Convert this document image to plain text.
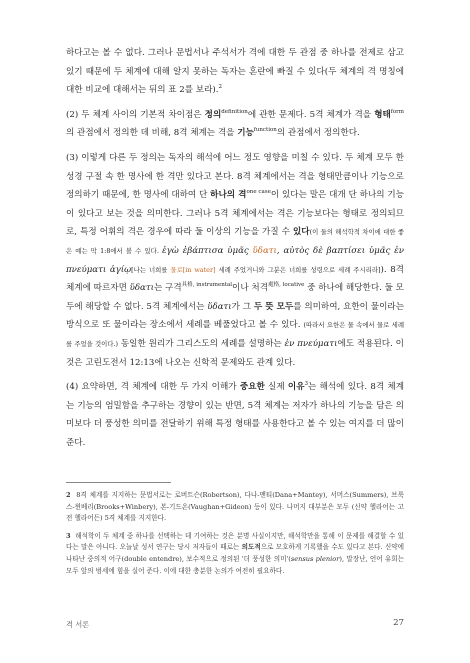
하다고는 볼 수 없다. 그러나 문법서나 주석서가 격에 대한 두 관점 중 하나를 전제로 삼고 있기 때문에 두 체계에 대해 알지 못하는 독자는 혼란에 빠질 수 있다(두 체계의 격 명칭에 대한 비교에 대해서는 뒤의 표 2를 보라).$^2$

(2) 두 체계 사이의 기본적 차이점은 정의$^{definition}$에 관한 문제다. 5격 체계가 격을 형태$^{form}$의 관점에서 정의한 데 비해, 8격 체계는 격을 기능$^{function}$의 관점에서 정의한다.

(3) 이렇게 다른 두 정의는 독자의 해석에 어느 정도 영향을 미칠 수 있다. 두 체계 모두 한 성경 구절 속 한 명사에 한 격만 있다고 본다. 8격 체계에서는 격을 형태만큼이나 기능으로 정의하기 때문에, 한 명사에 대하여 단 하나의 격$^{one case}$이 있다는 말은 대개 단 하나의 기능이 있다고 보는 것을 의미한다. 그러나 5격 체계에서는 격은 기능보다는 형태로 정의되므로, 특정 어휘의 격은 경우에 따라 둘 이상의 기능을 가질 수 있다(이 둘의 해석학적 차이에 대한 좋은 예는 막 1:8에서 볼 수 있다. ἐγὼ ἐβάπτισα ὑμᾶς ὕδατι, αὐτὸς δὲ βαπτίσει ὑμᾶς ἐν πνεύματι ἁγίῳ[나는 너희를 물로[in water] 세례 주었거니와 그분은 너희를 성령으로 세례 주시리라]). 8격 체계에 따르자면 ὕδατι는 구격$^{具格, instrumental}$이나 처격$^{處格, locative}$ 중 하나에 해당한다. 둘 모두에 해당할 수 없다. 5격 체계에서는 ὕδατι가 그 두 뜻 모두를 의미하여, 요한이 물이라는 방식으로 또 물이라는 장소에서 세례를 베풀었다고 볼 수 있다. (따라서 요한은 물 속에서 물로 세례를 주었을 것이다.) 동일한 원리가 그리스도의 세례를 설명하는 ἐν πνεύματι에도 적용된다. 이것은 고린도전서 12:13에 나오는 신학적 문제와도 관계 있다.

(4) 요약하면, 격 체계에 대한 두 가지 이해가 중요한 실제 이유$^3$는 해석에 있다. 8격 체계는 기능의 엄밀함을 추구하는 경향이 있는 반면, 5격 체계는 저자가 하나의 기능을 담은 의미보다 더 풍성한 의미를 전달하기 위해 특정 형태를 사용한다고 볼 수 있는 여지를 더 많이 준다.

2 8격 체계를 지지하는 문법서로는 로버트슨(Robertson), 다나-맨티(Dana+Mantey), 서머스(Summers), 브룩스-윈베리(Brooks+Winbery), 본-기드온(Vaughan+Gideon) 등이 있다. 나머지 대부분은 모두 (신약 헬라어는 고전 헬라어든) 5격 체계를 지지한다.

3 해석학이 두 체계 중 하나를 선택하는 데 기여하는 것은 분명 사실이지만, 해석학만을 통해 이 문제를 해결할 수 있다는 말은 아니다. 오늘날 성서 연구는 당시 저자들이 때로는 의도적으로 모호하게 기록했을 수도 있다고 본다. 신약에 나타난 중의적 어구(double entendre), 보수적으로 정의된 '더 풍성한 의미'(sensus plenior), 말장난, 언어 유희는 모두 앞의 범세에 힘을 실어 준다. 이에 대한 충분한 논의가 여전히 필요하다.

격 서론	27
